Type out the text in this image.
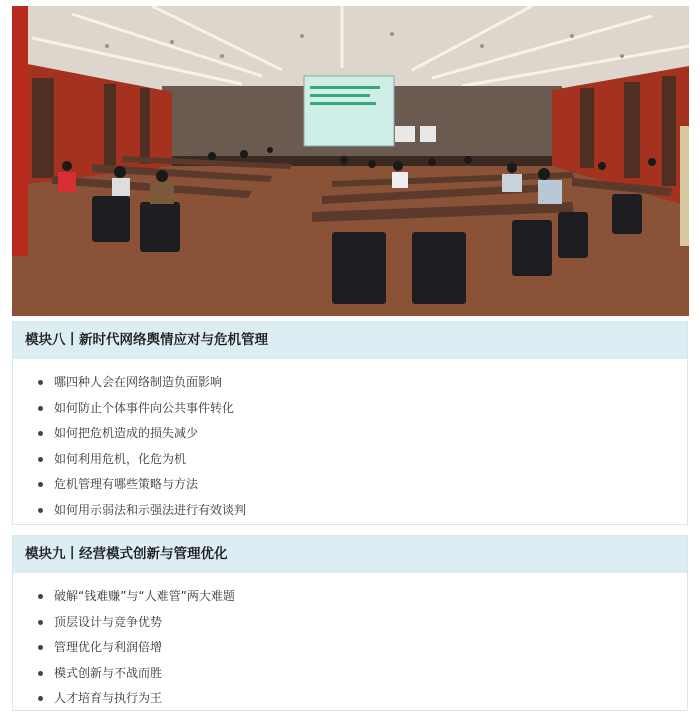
模块八丨新时代网络舆情应对与危机管理
哪四种人会在网络制造负面影响
如何防止个体事件向公共事件转化
如何把危机造成的损失减少
如何利用危机，化危为机
危机管理有哪些策略与方法
如何用示弱法和示强法进行有效谈判
模块九丨经营模式创新与管理优化
破解“钱难赚”与“人难管”两大难题
顶层设计与竞争优势
管理优化与利润倍增
模式创新与不战而胜
人才培育与执行为王
